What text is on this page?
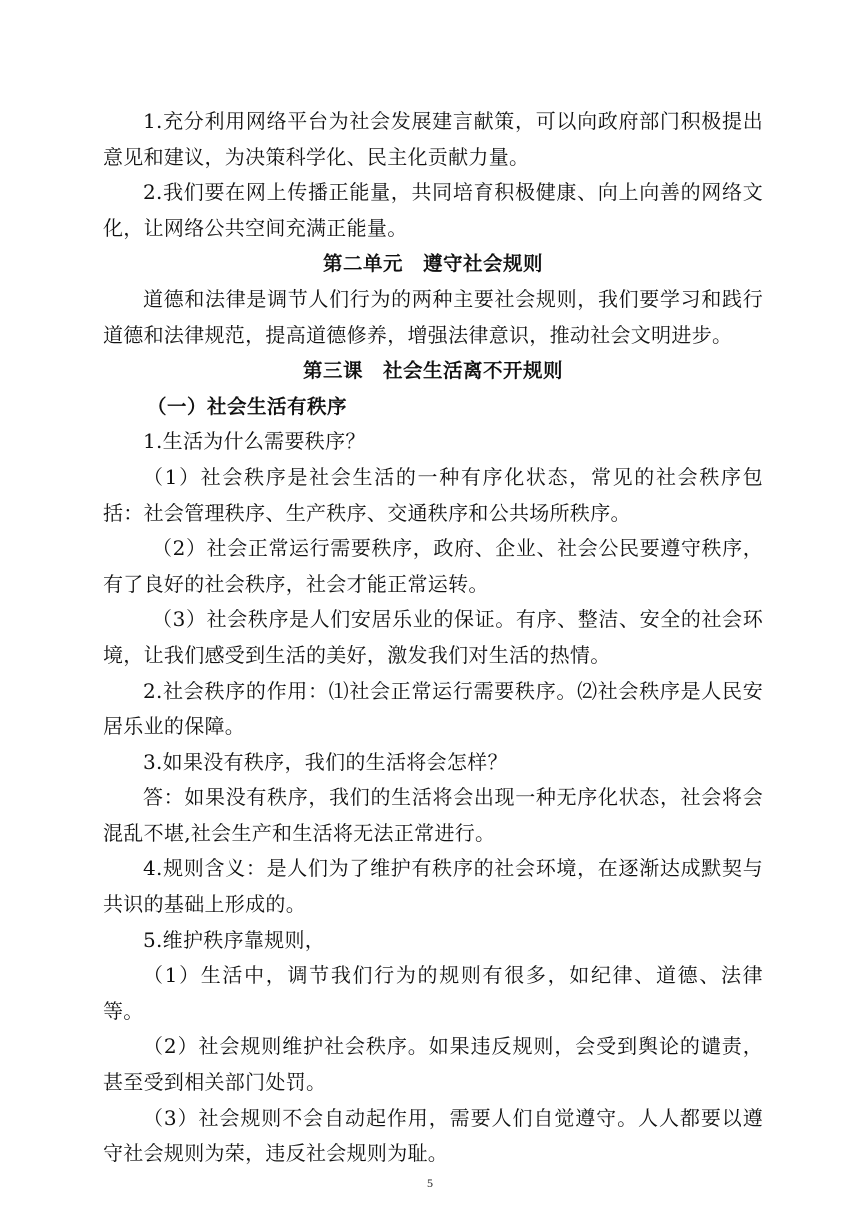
1.充分利用网络平台为社会发展建言献策，可以向政府部门积极提出意见和建议，为决策科学化、民主化贡献力量。

2.我们要在网上传播正能量，共同培育积极健康、向上向善的网络文化，让网络公共空间充满正能量。

第二单元　遵守社会规则

道德和法律是调节人们行为的两种主要社会规则，我们要学习和践行道德和法律规范，提高道德修养，增强法律意识，推动社会文明进步。

第三课　社会生活离不开规则

（一）社会生活有秩序

1.生活为什么需要秩序？

（1）社会秩序是社会生活的一种有序化状态，常见的社会秩序包括：社会管理秩序、生产秩序、交通秩序和公共场所秩序。

（2）社会正常运行需要秩序，政府、企业、社会公民要遵守秩序，有了良好的社会秩序，社会才能正常运转。

（3）社会秩序是人们安居乐业的保证。有序、整洁、安全的社会环境，让我们感受到生活的美好，激发我们对生活的热情。

2.社会秩序的作用：⑴社会正常运行需要秩序。⑵社会秩序是人民安居乐业的保障。

3.如果没有秩序，我们的生活将会怎样？

答：如果没有秩序，我们的生活将会出现一种无序化状态，社会将会混乱不堪,社会生产和生活将无法正常进行。

4.规则含义：是人们为了维护有秩序的社会环境，在逐渐达成默契与共识的基础上形成的。

5.维护秩序靠规则，

（1）生活中，调节我们行为的规则有很多，如纪律、道德、法律等。

（2）社会规则维护社会秩序。如果违反规则，会受到舆论的谴责，甚至受到相关部门处罚。

（3）社会规则不会自动起作用，需要人们自觉遵守。人人都要以遵守社会规则为荣，违反社会规则为耻。

5
